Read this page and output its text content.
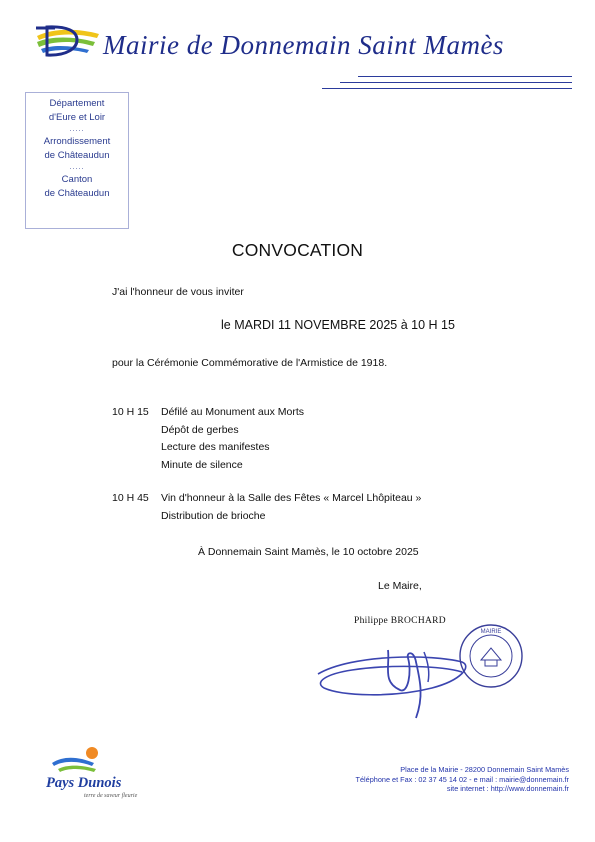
Mairie de Donnemain Saint Mamès
Département
d'Eure et Loir
.....
Arrondissement
de Châteaudun
.....
Canton
de Châteaudun
CONVOCATION
J'ai l'honneur de vous inviter
le MARDI 11 NOVEMBRE 2025 à 10 H 15
pour la Cérémonie Commémorative de l'Armistice de 1918.
10 H 15 Défilé au Monument aux Morts
Dépôt de gerbes
Lecture des manifestes
Minute de silence
10 H 45 Vin d'honneur à la Salle des Fêtes « Marcel Lhôpiteau »
Distribution de brioche
À Donnemain Saint Mamès, le 10 octobre 2025
Le Maire,
Philippe BROCHARD
MAIRIE
Pays Dunois
terre de saveur fleurie
Place de la Mairie - 28200 Donnemain Saint Mamès
Téléphone et Fax : 02 37 45 14 02 - e mail : mairie@donnemain.fr
site internet : http://www.donnemain.fr
